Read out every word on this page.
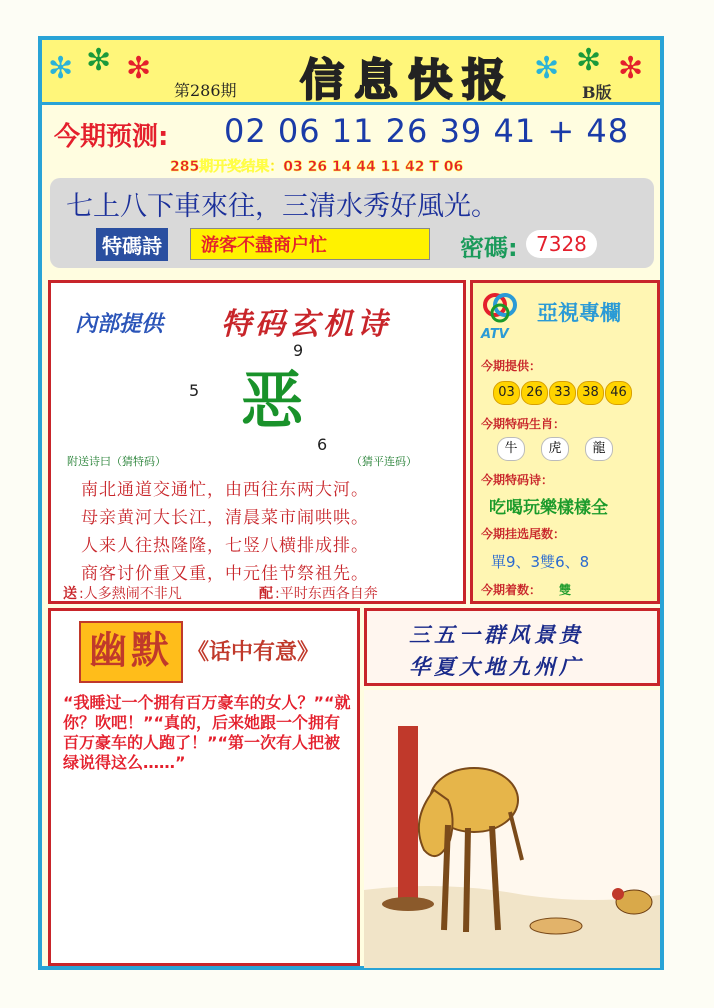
✻ ✻ ✻
第286期 信息快报 ✻ ✻ ✻
B版
今期预测: 02 06 11 26 39 41 + 48
285期开奖结果：03 26 14 44 11 42 T 06
七上八下車來往，三清水秀好風光。
特碼詩	游客不盡商户忙	密碼: 7328
內部提供 特码玄机诗
9
5 恶
6
附送诗曰（猜特码）	（猜平连码）
南北通道交通忙，由西往东两大河。
母亲黄河大长江，清晨菜市闹哄哄。
人来人往热隆隆，七竖八横排成排。
商客讨价重又重，中元佳节祭祖先。
送 :人多熱闹不非凡	配 :平时东西各自奔
ATV
亞視專欄
今期提供：
03 26 33 38 46
今期特码生肖：
牛 虎 龍
今期特码诗：
吃喝玩樂樣樣全
今期挂选尾数：
單9、3雙6、8
今期着数： 雙
幽默 《话中有意》
“我睡过一个拥有百万豪车的女人？”“就你？吹吧！”“真的，后来她跟一个拥有百万豪车的人跑了！”“第一次有人把被绿说得这么……”
三五一群风景贵
华夏大地九州广
